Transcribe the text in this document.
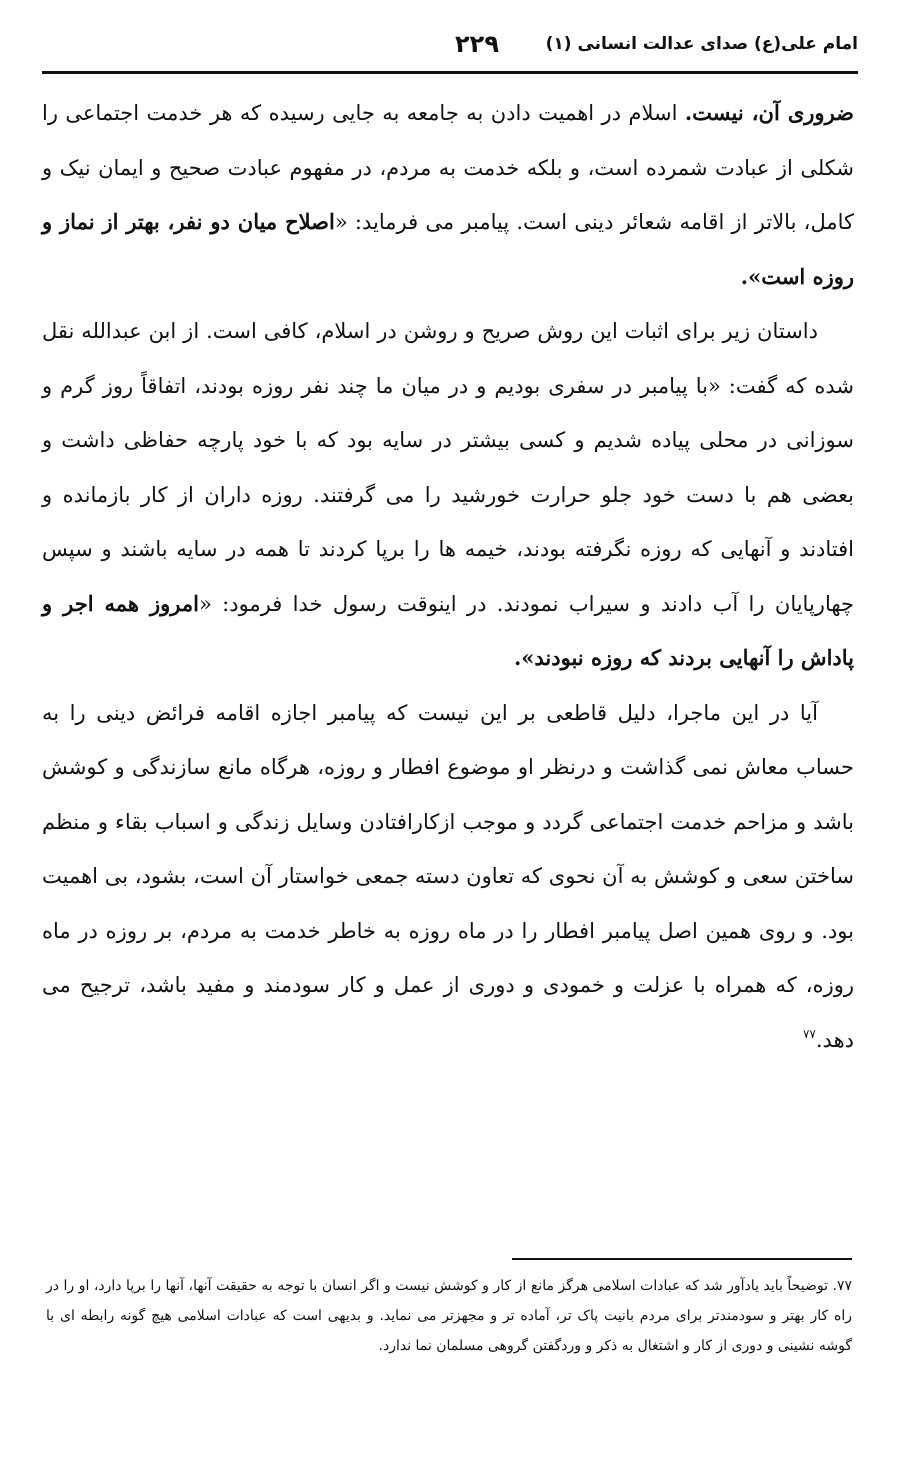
امام علی(ع) صدای عدالت انسانی (۱)
۲۲۹

ضروری آن، نیست. اسلام در اهمیت دادن به جامعه به جایی رسیده که هر خدمت اجتماعی را شکلی از عبادت شمرده است، و بلکه خدمت به مردم، در مفهوم عبادت صحیح و ایمان نیک و کامل، بالاتر از اقامه شعائر دینی است. پیامبر می فرماید: «اصلاح میان دو نفر، بهتر از نماز و روزه است».

داستان زیر برای اثبات این روش صریح و روشن در اسلام، کافی است. از ابن عبدالله نقل شده که گفت: «با پیامبر در سفری بودیم و در میان ما چند نفر روزه بودند، اتفاقاً روز گرم و سوزانی در محلی پیاده شدیم و کسی بیشتر در سایه بود که با خود پارچه حفاظی داشت و بعضی هم با دست خود جلو حرارت خورشید را می گرفتند. روزه داران از کار بازمانده و افتادند و آنهایی که روزه نگرفته بودند، خیمه ها را برپا کردند تا همه در سایه باشند و سپس چهارپایان را آب دادند و سیراب نمودند. در اینوقت رسول خدا فرمود: «امروز همه اجر و پاداش را آنهایی بردند که روزه نبودند».

آیا در این ماجرا، دلیل قاطعی بر این نیست که پیامبر اجازه اقامه فرائض دینی را به حساب معاش نمی گذاشت و درنظر او موضوع افطار و روزه، هرگاه مانع سازندگی و کوشش باشد و مزاحم خدمت اجتماعی گردد و موجب ازکارافتادن وسایل زندگی و اسباب بقاء و منظم ساختن سعی و کوشش به آن نحوی که تعاون دسته جمعی خواستار آن است، بشود، بی اهمیت بود. و روی همین اصل پیامبر افطار را در ماه روزه به خاطر خدمت به مردم، بر روزه در ماه روزه، که همراه با عزلت و خمودی و دوری از عمل و کار سودمند و مفید باشد، ترجیح می دهد.$^{۷۷}$

۷۷. توضیحاً باید یادآور شد که عبادات اسلامی هرگز مانع از کار و کوشش نیست و اگر انسان با توجه به حقیقت آنها، آنها را برپا دارد، او را در راه کار بهتر و سودمندتر برای مردم بانیت پاک تر، آماده تر و مجهزتر می نماید. و بدیهی است که عبادات اسلامی هیچ گونه رابطه ای با گوشه نشینی و دوری از کار و اشتغال به ذکر و وردگفتن گروهی مسلمان نما ندارد.
